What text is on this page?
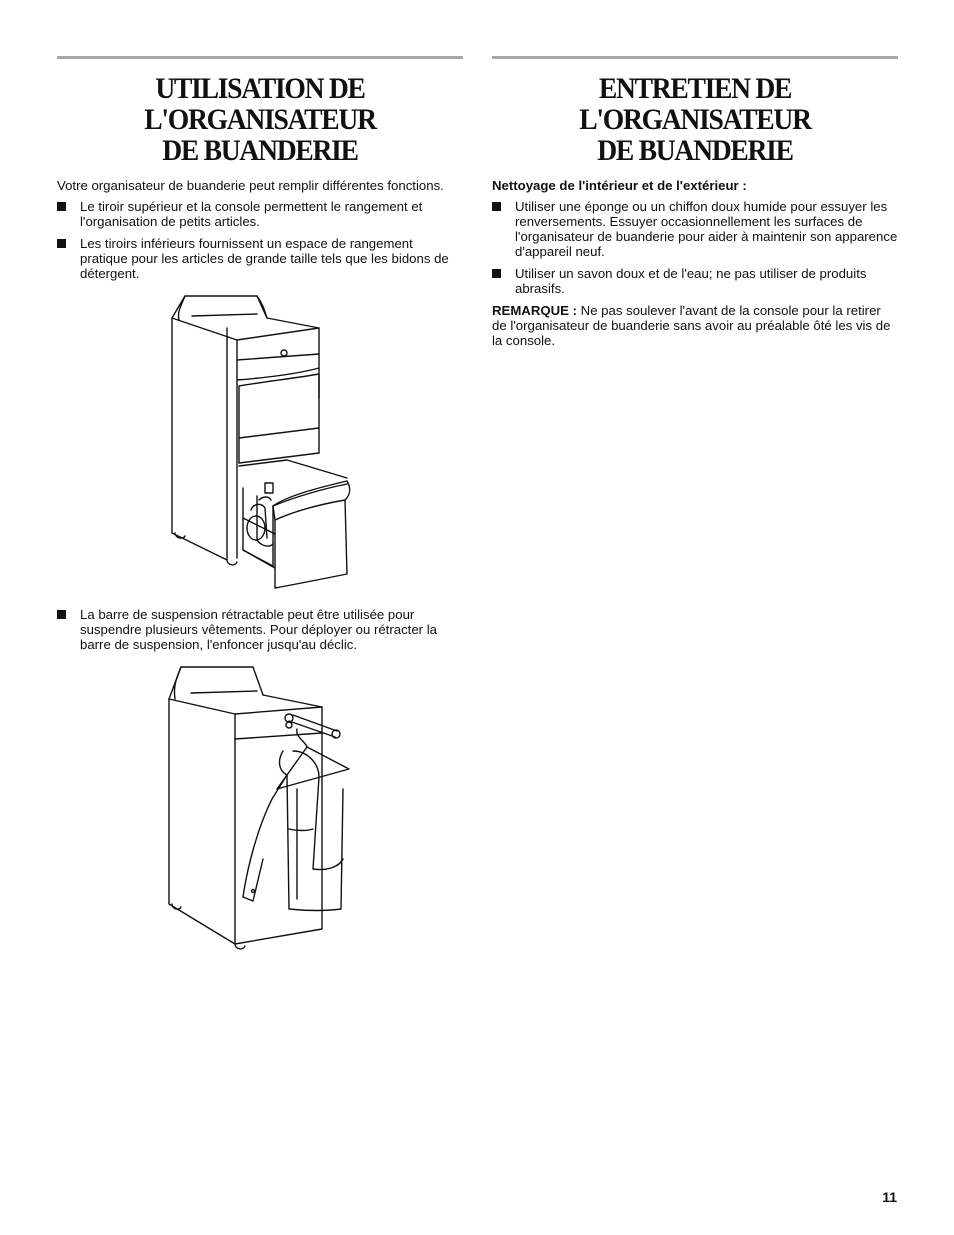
UTILISATION DE
L'ORGANISATEUR
DE BUANDERIE

Votre organisateur de buanderie peut remplir différentes fonctions.

Le tiroir supérieur et la console permettent le rangement et l'organisation de petits articles.
Les tiroirs inférieurs fournissent un espace de rangement pratique pour les articles de grande taille tels que les bidons de détergent.
La barre de suspension rétractable peut être utilisée pour suspendre plusieurs vêtements. Pour déployer ou rétracter la barre de suspension, l'enfoncer jusqu'au déclic.
ENTRETIEN DE
L'ORGANISATEUR
DE BUANDERIE

Nettoyage de l'intérieur et de l'extérieur :

Utiliser une éponge ou un chiffon doux humide pour essuyer les renversements. Essuyer occasionnellement les surfaces de l'organisateur de buanderie pour aider à maintenir son apparence d'appareil neuf.
Utiliser un savon doux et de l'eau; ne pas utiliser de produits abrasifs.

REMARQUE : Ne pas soulever l'avant de la console pour la retirer de l'organisateur de buanderie sans avoir au préalable ôté les vis de la console.

11
